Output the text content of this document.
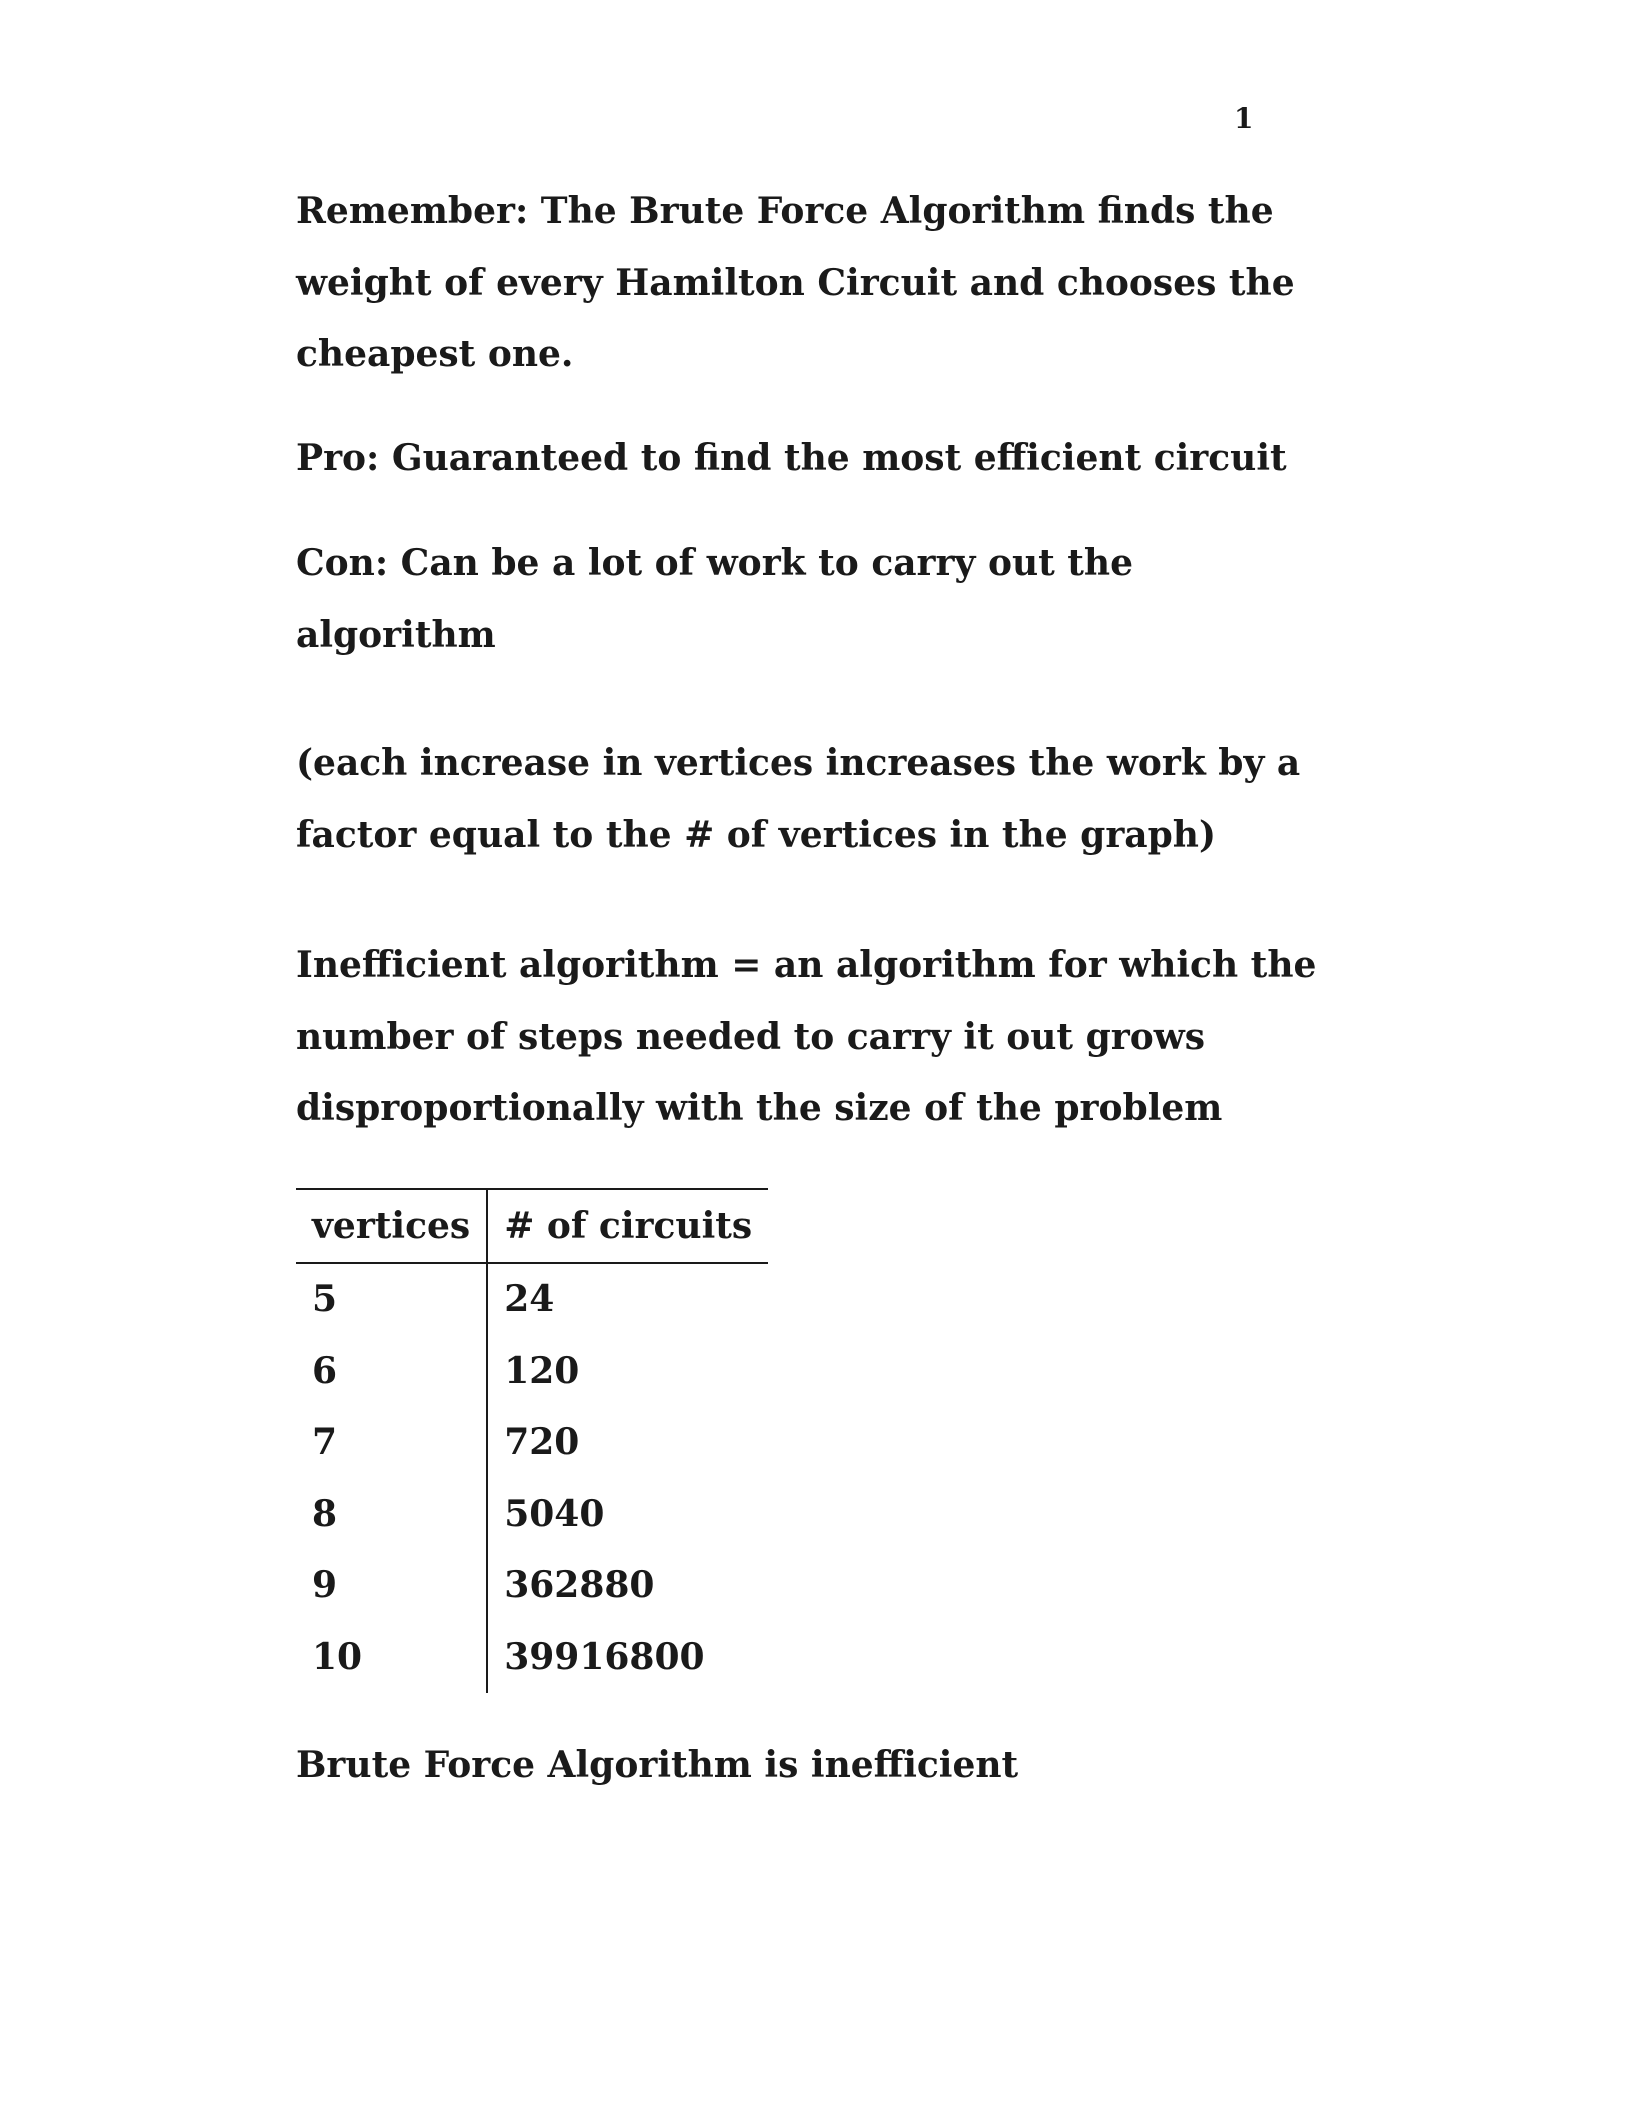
1

Remember: The Brute Force Algorithm finds the
weight of every Hamilton Circuit and chooses the
cheapest one.

Pro: Guaranteed to find the most efficient circuit

Con: Can be a lot of work to carry out the
algorithm

(each increase in vertices increases the work by a
factor equal to the # of vertices in the graph)

Inefficient algorithm = an algorithm for which the
number of steps needed to carry it out grows
disproportionally with the size of the problem

vertices	# of circuits
5	24
6	120
7	720
8	5040
9	362880
10	39916800

Brute Force Algorithm is inefficient
